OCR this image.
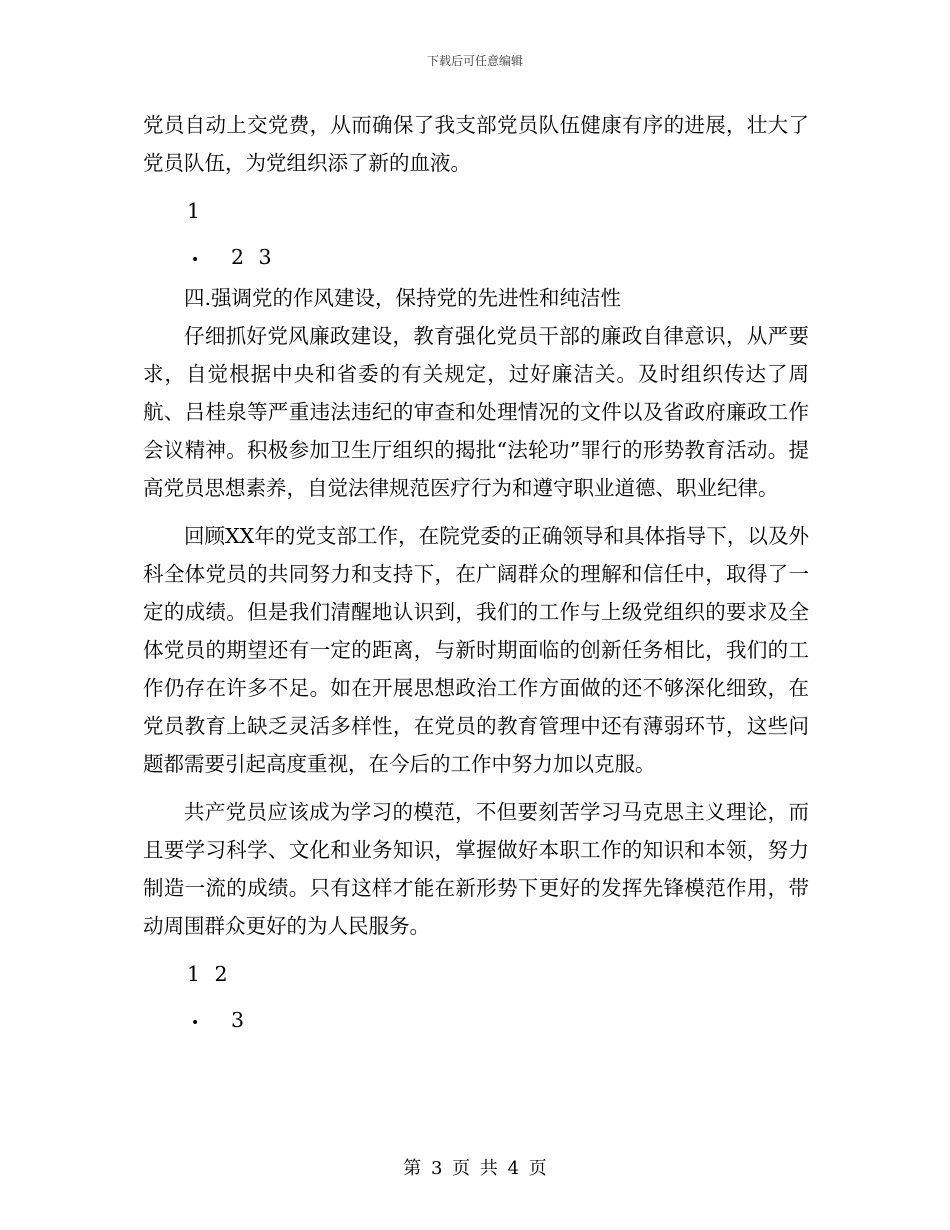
下载后可任意编辑

党员自动上交党费，从而确保了我支部党员队伍健康有序的进展，壮大了党员队伍，为党组织添了新的血液。

1

• 2 3

四.强调党的作风建设，保持党的先进性和纯洁性

仔细抓好党风廉政建设，教育强化党员干部的廉政自律意识，从严要求，自觉根据中央和省委的有关规定，过好廉洁关。及时组织传达了周航、吕桂泉等严重违法违纪的审查和处理情况的文件以及省政府廉政工作会议精神。积极参加卫生厅组织的揭批“法轮功”罪行的形势教育活动。提高党员思想素养，自觉法律规范医疗行为和遵守职业道德、职业纪律。

回顾XX年的党支部工作，在院党委的正确领导和具体指导下，以及外科全体党员的共同努力和支持下，在广阔群众的理解和信任中，取得了一定的成绩。但是我们清醒地认识到，我们的工作与上级党组织的要求及全体党员的期望还有一定的距离，与新时期面临的创新任务相比，我们的工作仍存在许多不足。如在开展思想政治工作方面做的还不够深化细致，在党员教育上缺乏灵活多样性，在党员的教育管理中还有薄弱环节，这些问题都需要引起高度重视，在今后的工作中努力加以克服。

共产党员应该成为学习的模范，不但要刻苦学习马克思主义理论，而且要学习科学、文化和业务知识，掌握做好本职工作的知识和本领，努力制造一流的成绩。只有这样才能在新形势下更好的发挥先锋模范作用，带动周围群众更好的为人民服务。

1 2

• 3

第 3 页 共 4 页
